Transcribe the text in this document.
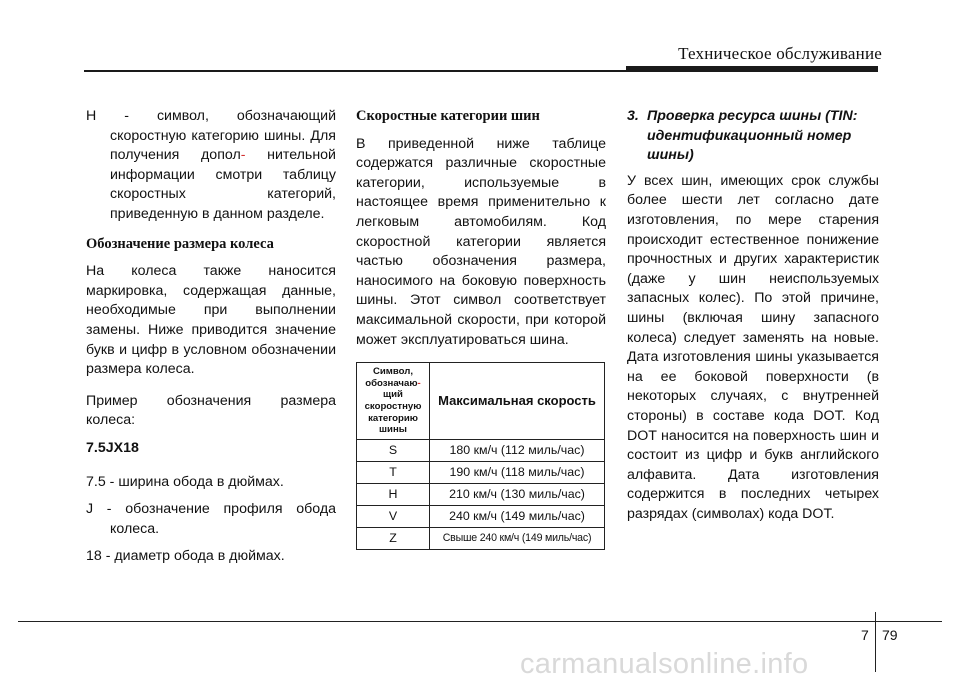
Техническое обслуживание

H - символ, обозначающий скоростную категорию шины. Для получения допол- нительной информации смотри таблицу скоростных категорий, приведенную в данном разделе.

Обозначение размера колеса

На колеса также наносится маркировка, содержащая данные, необходимые при выполнении замены. Ниже приводится значение букв и цифр в условном обозначении размера колеса.

Пример обозначения размера колеса:

7.5JX18

7.5 - ширина обода в дюймах.

J - обозначение профиля обода колеса.

18 - диаметр обода в дюймах.

Скоростные категории шин

В приведенной ниже таблице содержатся различные скоростные категории, используемые в настоящее время применительно к легковым автомобилям. Код скоростной категории является частью обозначения размера, наносимого на боковую поверхность шины. Этот символ соответствует максимальной скорости, при которой может эксплуатироваться шина.

Символ, обозначаю- щий скоростную категорию шины	Максимальная скорость
S	180 км/ч (112 миль/час)
T	190 км/ч (118 миль/час)
H	210 км/ч (130 миль/час)
V	240 км/ч (149 миль/час)
Z	Свыше 240 км/ч (149 миль/час)
3. Проверка ресурса шины (TIN:
идентификационный номер шины)

У всех шин, имеющих срок службы более шести лет согласно дате изготовления, по мере старения происходит естественное понижение прочностных и других характеристик (даже у шин неиспользуемых запасных колес). По этой причине, шины (включая шину запасного колеса) следует заменять на новые. Дата изготовления шины указывается на ее боковой поверхности (в некоторых случаях, с внутренней стороны) в составе кода DOT. Код DOT наносится на поверхность шин и состоит из цифр и букв английского алфавита. Дата изготовления содержится в последних четырех разрядах (символах) кода DOT.

7 79
carmanualsonline.info
